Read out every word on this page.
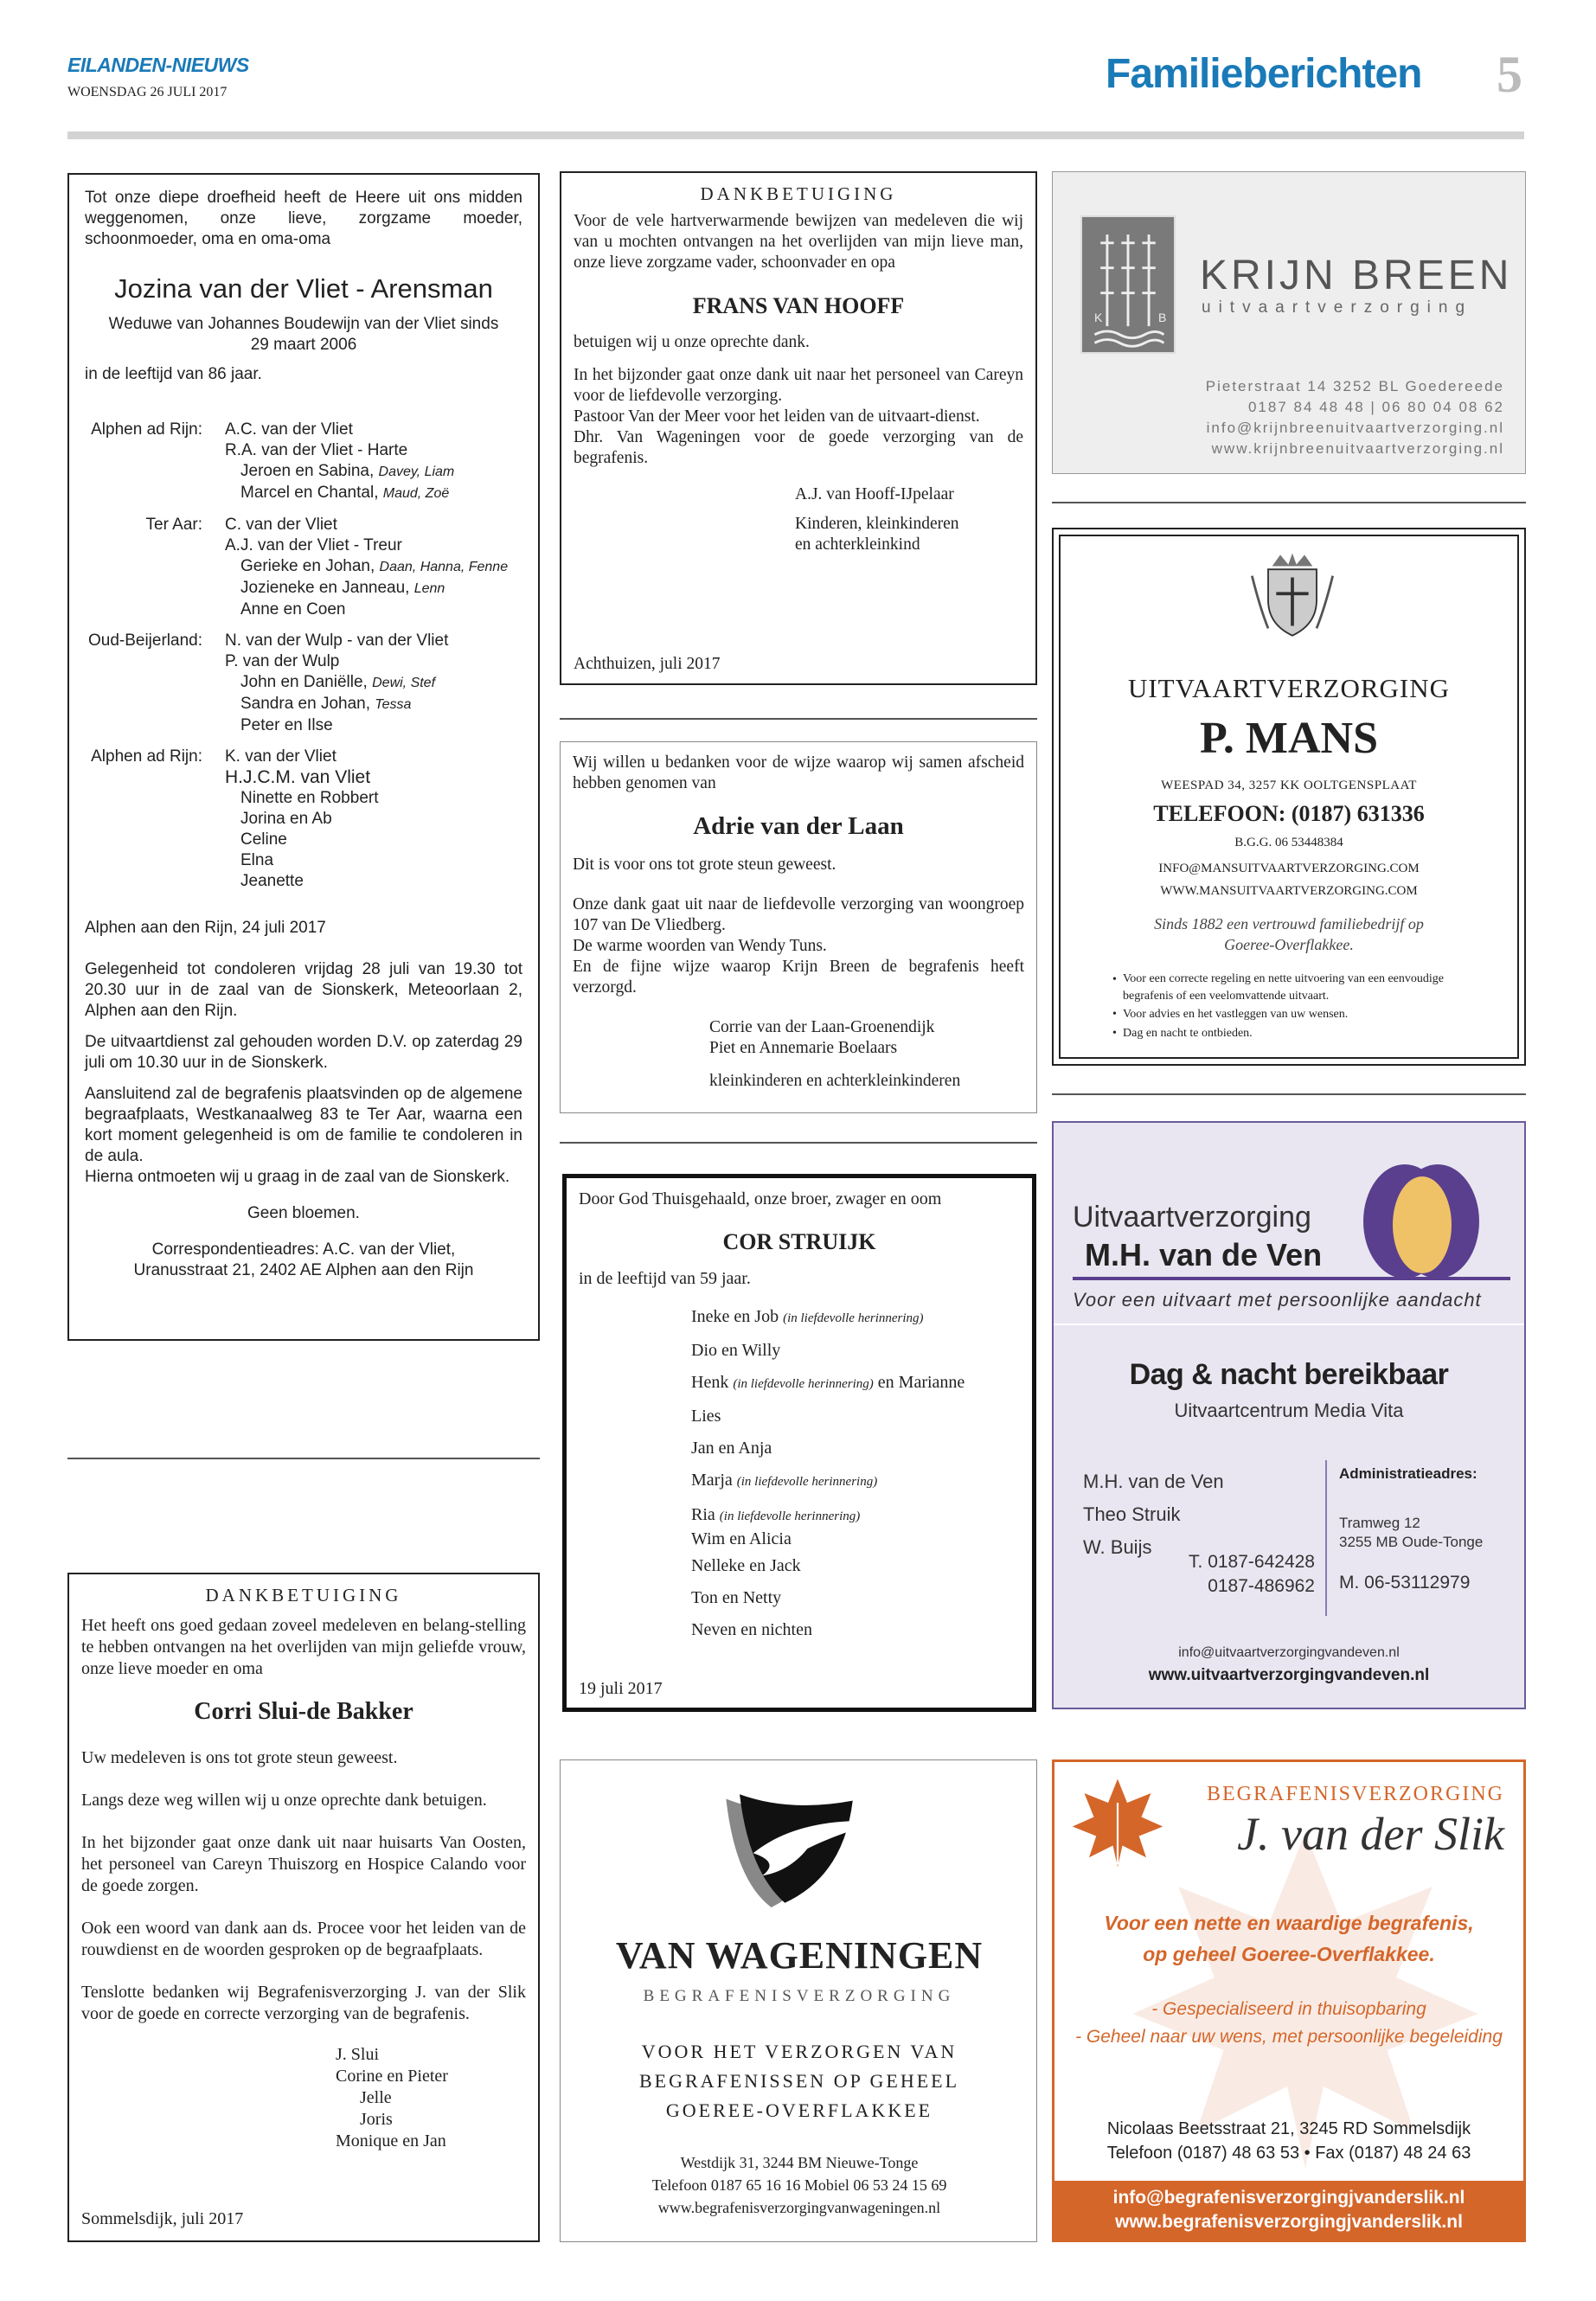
EILANDEN-NIEUWS
WOENSDAG 26 JULI 2017	Familieberichten 5

Tot onze diepe droefheid heeft de Heere uit ons midden weggenomen, onze lieve, zorgzame moeder, schoonmoeder, oma en oma-oma

Jozina van der Vliet - Arensman

Weduwe van Johannes Boudewijn van der Vliet sinds

29 maart 2006

in de leeftijd van 86 jaar.

Alphen ad Rijn:	A.C. van der Vliet
R.A. van der Vliet - Harte
Jeroen en Sabina, Davey, Liam
Marcel en Chantal, Maud, Zoë
Ter Aar:	C. van der Vliet
A.J. van der Vliet - Treur
Gerieke en Johan, Daan, Hanna, Fenne
Jozieneke en Janneau, Lenn
Anne en Coen
Oud-Beijerland:	N. van der Wulp - van der Vliet
P. van der Wulp
John en Daniëlle, Dewi, Stef
Sandra en Johan, Tessa
Peter en Ilse
Alphen ad Rijn:	K. van der Vliet
H.J.C.M. van Vliet
Ninette en Robbert
Jorina en Ab
Celine
Elna
Jeanette

Alphen aan den Rijn, 24 juli 2017

Gelegenheid tot condoleren vrijdag 28 juli van 19.30 tot 20.30 uur in de zaal van de Sionskerk, Meteoorlaan 2, Alphen aan den Rijn.

De uitvaartdienst zal gehouden worden D.V. op zaterdag 29 juli om 10.30 uur in de Sionskerk.

Aansluitend zal de begrafenis plaatsvinden op de algemene begraafplaats, Westkanaalweg 83 te Ter Aar, waarna een kort moment gelegenheid is om de familie te condoleren in de aula.

Hierna ontmoeten wij u graag in de zaal van de Sionskerk.

Geen bloemen.

Correspondentieadres: A.C. van der Vliet,

Uranusstraat 21, 2402 AE Alphen aan den Rijn

DANKBETUIGING

Het heeft ons goed gedaan zoveel medeleven en belang-stelling te hebben ontvangen na het overlijden van mijn geliefde vrouw, onze lieve moeder en oma

Corri Slui-de Bakker

Uw medeleven is ons tot grote steun geweest.

Langs deze weg willen wij u onze oprechte dank betuigen.

In het bijzonder gaat onze dank uit naar huisarts Van Oosten, het personeel van Careyn Thuiszorg en Hospice Calando voor de goede zorgen.

Ook een woord van dank aan ds. Procee voor het leiden van de rouwdienst en de woorden gesproken op de begraafplaats.

Tenslotte bedanken wij Begrafenisverzorging J. van der Slik voor de goede en correcte verzorging van de begrafenis.

J. Slui
Corine en Pieter
Jelle
Joris
Monique en Jan

Sommelsdijk, juli 2017

DANKBETUIGING

Voor de vele hartverwarmende bewijzen van medeleven die wij van u mochten ontvangen na het overlijden van mijn lieve man, onze lieve zorgzame vader, schoonvader en opa

FRANS VAN HOOFF

betuigen wij u onze oprechte dank.

In het bijzonder gaat onze dank uit naar het personeel van Careyn voor de liefdevolle verzorging.

Pastoor Van der Meer voor het leiden van de uitvaart-dienst.

Dhr. Van Wageningen voor de goede verzorging van de begrafenis.

A.J. van Hooff-IJpelaar
Kinderen, kleinkinderen
en achterkleinkind

Achthuizen, juli 2017

Wij willen u bedanken voor de wijze waarop wij samen afscheid hebben genomen van

Adrie van der Laan

Dit is voor ons tot grote steun geweest.

Onze dank gaat uit naar de liefdevolle verzorging van woongroep 107 van De Vliedberg.

De warme woorden van Wendy Tuns.

En de fijne wijze waarop Krijn Breen de begrafenis heeft verzorgd.

Corrie van der Laan-Groenendijk
Piet en Annemarie Boelaars
kleinkinderen en achterkleinkinderen

Door God Thuisgehaald, onze broer, zwager en oom

COR STRUIJK

in de leeftijd van 59 jaar.

Ineke en Job (in liefdevolle herinnering)
Dio en Willy
Henk (in liefdevolle herinnering) en Marianne
Lies
Jan en Anja
Marja (in liefdevolle herinnering)
Ria (in liefdevolle herinnering)
Wim en Alicia
Nelleke en Jack
Ton en Netty
Neven en nichten

19 juli 2017

VAN WAGENINGEN
BEGRAFENISVERZORGING
VOOR HET VERZORGEN VAN
BEGRAFENISSEN OP GEHEEL
GOEREE-OVERFLAKKEE
Westdijk 31, 3244 BM Nieuwe-Tonge
Telefoon 0187 65 16 16 Mobiel 06 53 24 15 69
www.begrafenisverzorgingvanwageningen.nl
K	B
KRIJN BREEN
uitvaartverzorging
Pieterstraat 14 3252 BL Goedereede
0187 84 48 48 | 06 80 04 08 62
info@krijnbreenuitvaartverzorging.nl
www.krijnbreenuitvaartverzorging.nl
UITVAARTVERZORGING
P. MANS
WEESPAD 34, 3257 KK OOLTGENSPLAAT
TELEFOON: (0187) 631336
B.G.G. 06 53448384
INFO@MANSUITVAARTVERZORGING.COM
WWW.MANSUITVAARTVERZORGING.COM
Sinds 1882 een vertrouwd familiebedrijf op
Goeree-Overflakkee.
• Voor een correcte regeling en nette uitvoering van een eenvoudige begrafenis of een veelomvattende uitvaart.
• Voor advies en het vastleggen van uw wensen.
• Dag en nacht te ontbieden.
Uitvaartverzorging
M.H. van de Ven
Voor een uitvaart met persoonlijke aandacht
Dag & nacht bereikbaar
Uitvaartcentrum Media Vita
M.H. van de Ven
Theo Struik
W. Buijs
T. 0187-642428
0187-486962
Administratieadres:
Tramweg 12
3255 MB Oude-Tonge
M. 06-53112979
info@uitvaartverzorgingvandeven.nl
www.uitvaartverzorgingvandeven.nl
BEGRAFENISVERZORGING
J. van der Slik
Voor een nette en waardige begrafenis,
op geheel Goeree-Overflakkee.
- Gespecialiseerd in thuisopbaring
- Geheel naar uw wens, met persoonlijke begeleiding
Nicolaas Beetsstraat 21, 3245 RD Sommelsdijk
Telefoon (0187) 48 63 53 • Fax (0187) 48 24 63
info@begrafenisverzorgingjvanderslik.nl
www.begrafenisverzorgingjvanderslik.nl
